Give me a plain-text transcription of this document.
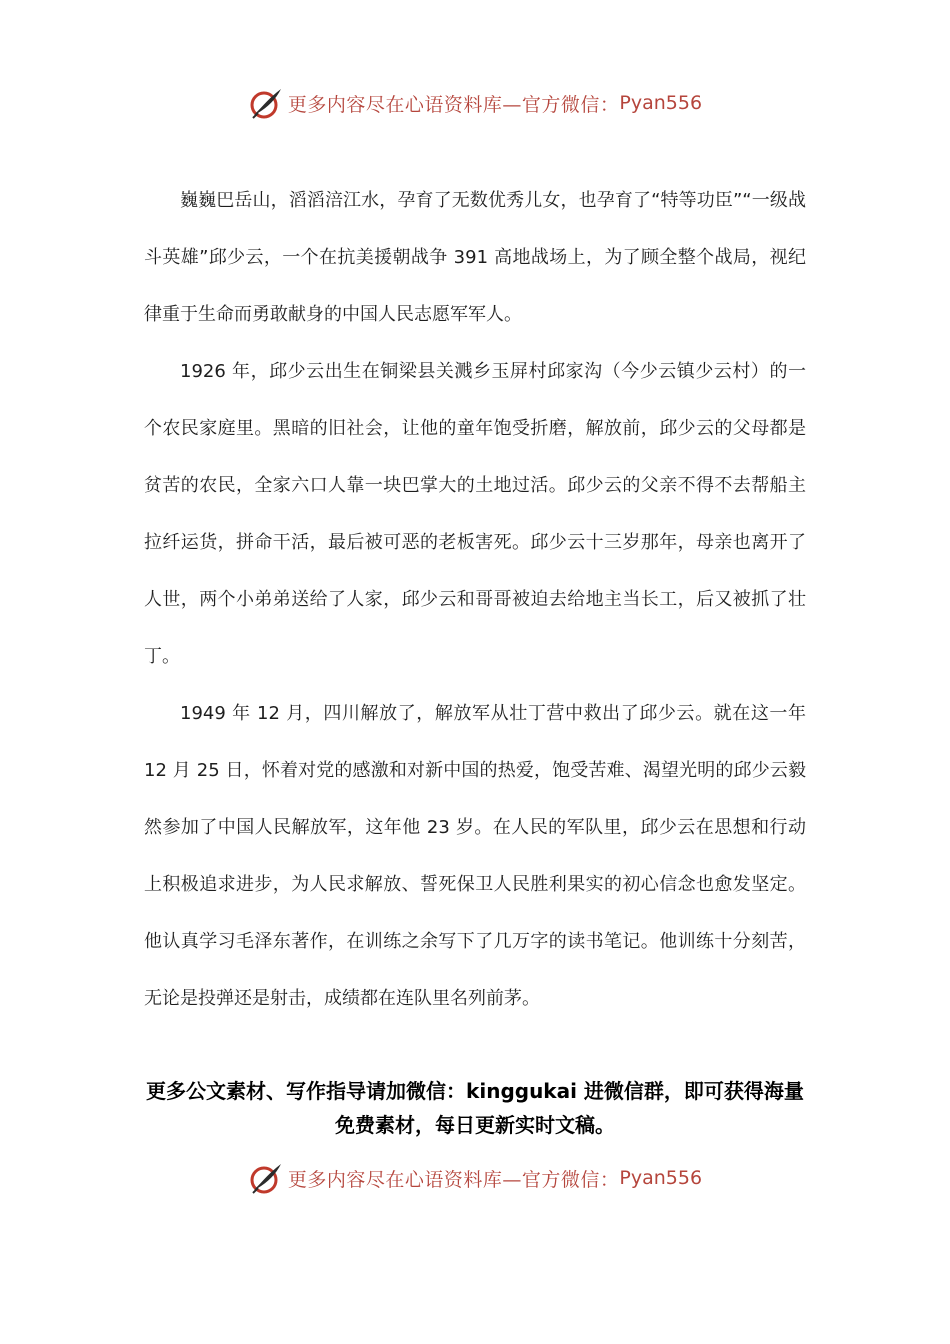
更多内容尽在心语资料库—官方微信： Pyan556

巍巍巴岳山，滔滔涪江水，孕育了无数优秀儿女，也孕育了“特等功臣”“一级战斗英雄”邱少云，一个在抗美援朝战争 391 高地战场上，为了顾全整个战局，视纪律重于生命而勇敢献身的中国人民志愿军军人。

1926 年，邱少云出生在铜梁县关溅乡玉屏村邱家沟（今少云镇少云村）的一个农民家庭里。黑暗的旧社会，让他的童年饱受折磨，解放前，邱少云的父母都是贫苦的农民，全家六口人靠一块巴掌大的土地过活。邱少云的父亲不得不去帮船主拉纤运货，拼命干活，最后被可恶的老板害死。邱少云十三岁那年，母亲也离开了人世，两个小弟弟送给了人家，邱少云和哥哥被迫去给地主当长工，后又被抓了壮丁。

1949 年 12 月，四川解放了，解放军从壮丁营中救出了邱少云。就在这一年 12 月 25 日，怀着对党的感激和对新中国的热爱，饱受苦难、渴望光明的邱少云毅然参加了中国人民解放军，这年他 23 岁。在人民的军队里，邱少云在思想和行动上积极追求进步，为人民求解放、誓死保卫人民胜利果实的初心信念也愈发坚定。他认真学习毛泽东著作，在训练之余写下了几万字的读书笔记。他训练十分刻苦，无论是投弹还是射击，成绩都在连队里名列前茅。

更多公文素材、写作指导请加微信：kinggukai 进微信群，即可获得海量免费素材，每日更新实时文稿。

更多内容尽在心语资料库—官方微信： Pyan556
